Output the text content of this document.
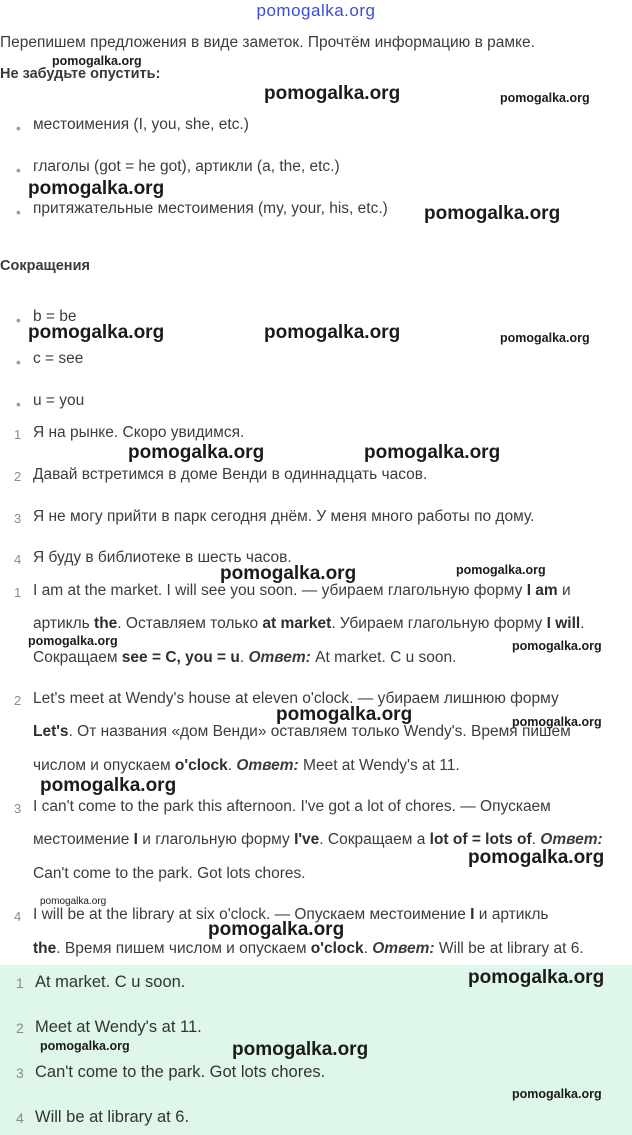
pomogalka.org
Перепишем предложения в виде заметок. Прочтём информацию в рамке.
Не забудьте опустить:
• местоимения (I, you, she, etc.)
• глаголы (got = he got), артикли (a, the, etc.)
• притяжательные местоимения (my, your, his, etc.)
Сокращения
• b = be
• c = see
• u = you
1 Я на рынке. Скоро увидимся.
2 Давай встретимся в доме Венди в одиннадцать часов.
3 Я не могу прийти в парк сегодня днём. У меня много работы по дому.
4 Я буду в библиотеке в шесть часов.
1 I am at the market. I will see you soon. — убираем глагольную форму I am и
артикль the. Оставляем только at market. Убираем глагольную форму I will.
Сокращаем see = C, you = u. Ответ: At market. C u soon.
2 Let's meet at Wendy's house at eleven o'clock. — убираем лишнюю форму
Let's. От названия «дом Венди» оставляем только Wendy's. Время пишем
числом и опускаем o'clock. Ответ: Meet at Wendy's at 11.
3 I can't come to the park this afternoon. I've got a lot of chores. — Опускаем
местоимение I и глагольную форму I've. Сокращаем а lot of = lots of. Ответ:
Can't come to the park. Got lots chores.
4 I will be at the library at six o'clock. — Опускаем местоимение I и артикль
the. Время пишем числом и опускаем o'clock. Ответ: Will be at library at 6.
1 At market. C u soon.
2 Meet at Wendy's at 11.
3 Can't come to the park. Got lots chores.
4 Will be at library at 6.
pomogalka.org
pomogalka.org	pomogalka.org
pomogalka.org
pomogalka.org
pomogalka.org	pomogalka.org	pomogalka.org
pomogalka.org	pomogalka.org
pomogalka.org	pomogalka.org
pomogalka.org	pomogalka.org
pomogalka.org	pomogalka.org
pomogalka.org
pomogalka.org
pomogalka.org
pomogalka.org
pomogalka.org
pomogalka.org	pomogalka.org
pomogalka.org
